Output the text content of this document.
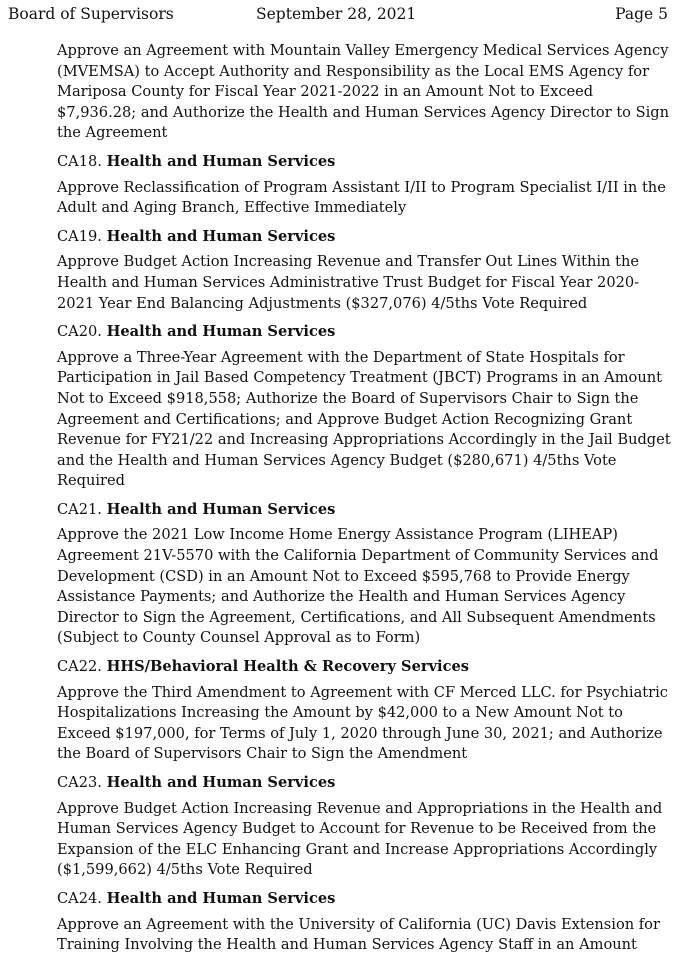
Board of Supervisors	September 28, 2021	Page 5

Approve an Agreement with Mountain Valley Emergency Medical Services Agency (MVEMSA) to Accept Authority and Responsibility as the Local EMS Agency for Mariposa County for Fiscal Year 2021-2022 in an Amount Not to Exceed $7,936.28; and Authorize the Health and Human Services Agency Director to Sign the Agreement

CA18. Health and Human Services

Approve Reclassification of Program Assistant I/II to Program Specialist I/II in the Adult and Aging Branch, Effective Immediately

CA19. Health and Human Services

Approve Budget Action Increasing Revenue and Transfer Out Lines Within the Health and Human Services Administrative Trust Budget for Fiscal Year 2020-2021 Year End Balancing Adjustments ($327,076) 4/5ths Vote Required

CA20. Health and Human Services

Approve a Three-Year Agreement with the Department of State Hospitals for Participation in Jail Based Competency Treatment (JBCT) Programs in an Amount Not to Exceed $918,558; Authorize the Board of Supervisors Chair to Sign the Agreement and Certifications; and Approve Budget Action Recognizing Grant Revenue for FY21/22 and Increasing Appropriations Accordingly in the Jail Budget and the Health and Human Services Agency Budget ($280,671) 4/5ths Vote Required

CA21. Health and Human Services

Approve the 2021 Low Income Home Energy Assistance Program (LIHEAP) Agreement 21V-5570 with the California Department of Community Services and Development (CSD) in an Amount Not to Exceed $595,768 to Provide Energy Assistance Payments; and Authorize the Health and Human Services Agency Director to Sign the Agreement, Certifications, and All Subsequent Amendments (Subject to County Counsel Approval as to Form)

CA22. HHS/Behavioral Health & Recovery Services

Approve the Third Amendment to Agreement with CF Merced LLC. for Psychiatric Hospitalizations Increasing the Amount by $42,000 to a New Amount Not to Exceed $197,000, for Terms of July 1, 2020 through June 30, 2021; and Authorize the Board of Supervisors Chair to Sign the Amendment

CA23. Health and Human Services

Approve Budget Action Increasing Revenue and Appropriations in the Health and Human Services Agency Budget to Account for Revenue to be Received from the Expansion of the ELC Enhancing Grant and Increase Appropriations Accordingly ($1,599,662) 4/5ths Vote Required

CA24. Health and Human Services

Approve an Agreement with the University of California (UC) Davis Extension for Training Involving the Health and Human Services Agency Staff in an Amount
